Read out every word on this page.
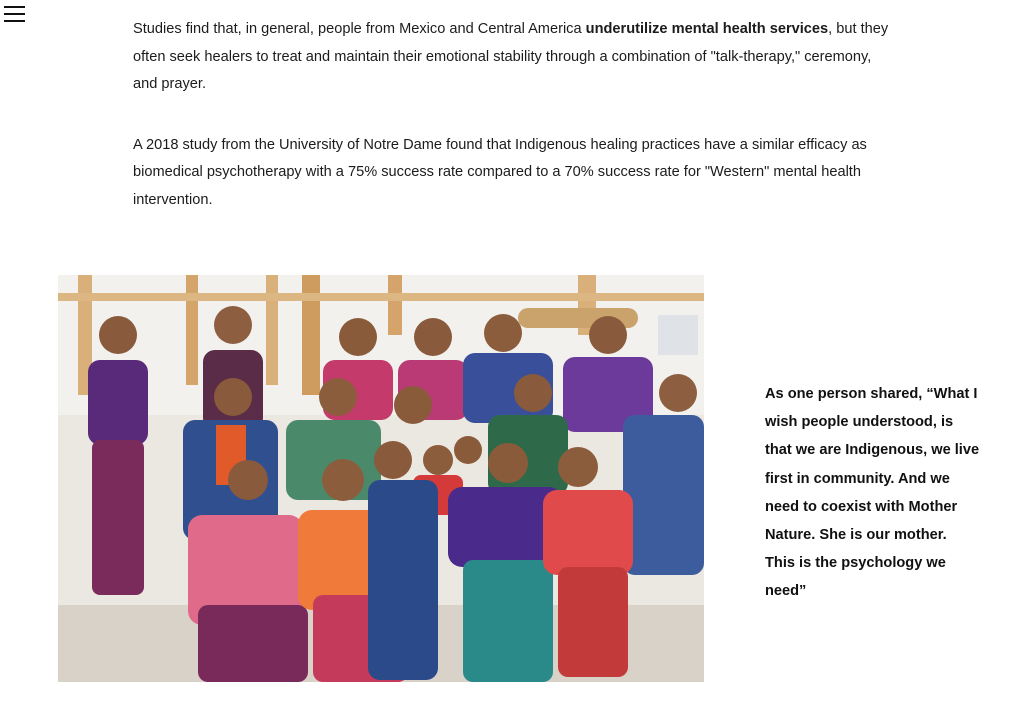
Studies find that, in general, people from Mexico and Central America underutilize mental health services, but they often seek healers to treat and maintain their emotional stability through a combination of "talk-therapy," ceremony, and prayer.

A 2018 study from the University of Notre Dame found that Indigenous healing practices have a similar efficacy as biomedical psychotherapy with a 75% success rate compared to a 70% success rate for "Western" mental health intervention.

As one person shared, “What I wish people understood, is that we are Indigenous, we live first in community. And we need to coexist with Mother Nature. She is our mother. This is the psychology we need”
